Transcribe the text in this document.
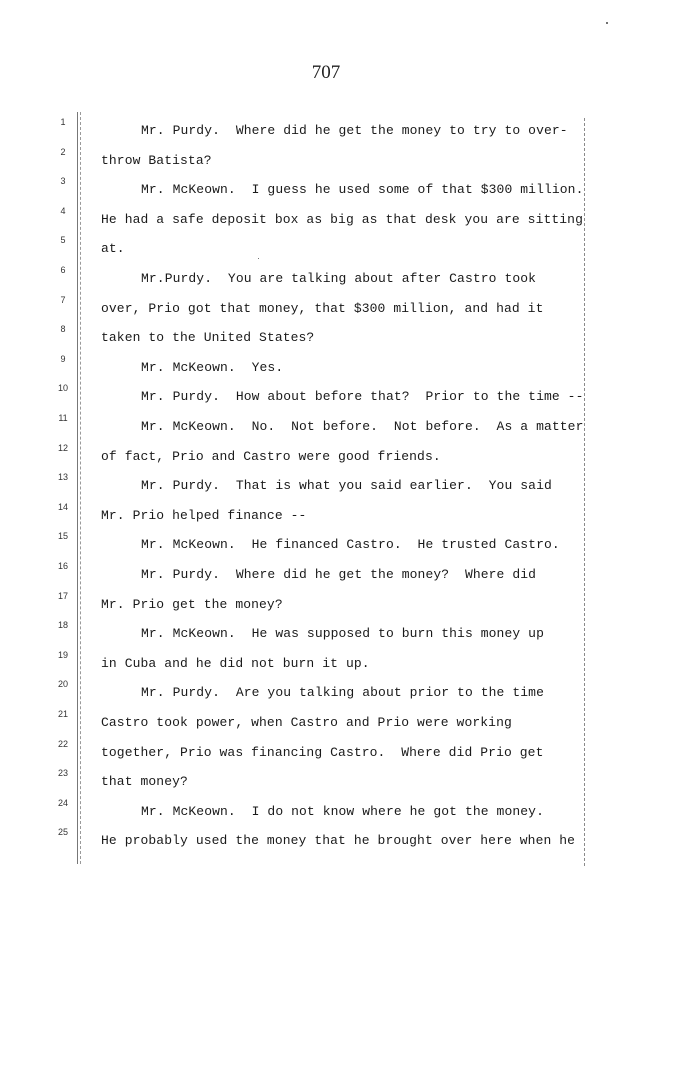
707
1
2
3
4
5
6
7
8
9
10
11
12
13
14
15
16
17
18
19
20
21
22
23
24
25
Mr. Purdy.  Where did he get the money to try to over-
throw Batista?
Mr. McKeown.  I guess he used some of that $300 million.
He had a safe deposit box as big as that desk you are sitting
at.
Mr.Purdy.  You are talking about after Castro took
over, Prio got that money, that $300 million, and had it
taken to the United States?
Mr. McKeown.  Yes.
Mr. Purdy.  How about before that?  Prior to the time --
Mr. McKeown.  No.  Not before.  Not before.  As a matter
of fact, Prio and Castro were good friends.
Mr. Purdy.  That is what you said earlier.  You said
Mr. Prio helped finance --
Mr. McKeown.  He financed Castro.  He trusted Castro.
Mr. Purdy.  Where did he get the money?  Where did
Mr. Prio get the money?
Mr. McKeown.  He was supposed to burn this money up
in Cuba and he did not burn it up.
Mr. Purdy.  Are you talking about prior to the time
Castro took power, when Castro and Prio were working
together, Prio was financing Castro.  Where did Prio get
that money?
Mr. McKeown.  I do not know where he got the money.
He probably used the money that he brought over here when he
